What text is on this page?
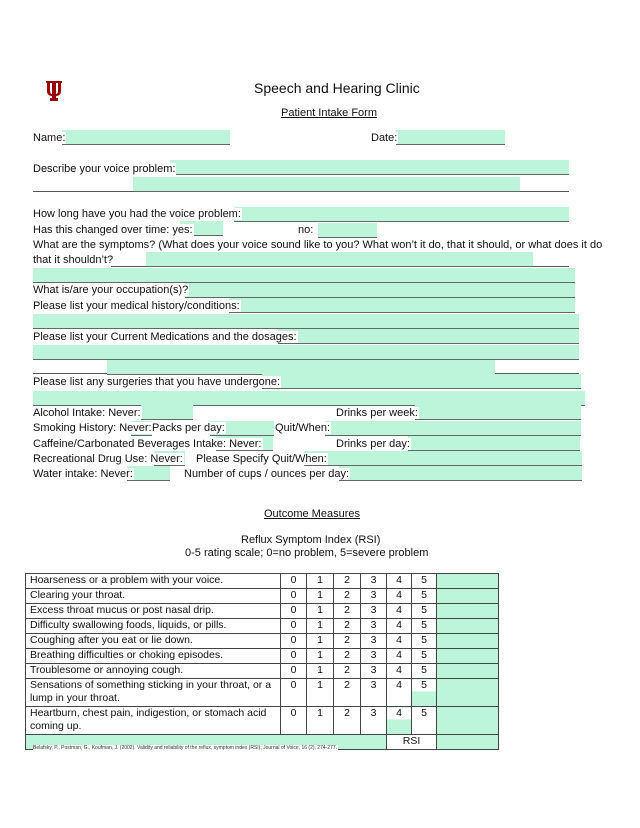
Speech and Hearing Clinic
Patient Intake Form
Name:	Date:
Describe your voice problem:
How long have you had the voice problem:
Has this changed over time: yes:	no:
What are the symptoms? (What does your voice sound like to you? What won’t it do, that it should, or what does it do
that it shouldn’t?
What is/are your occupation(s)?
Please list your medical history/conditions:
Please list your Current Medications and the dosages:
Please list any surgeries that you have undergone:
Alcohol Intake: Never:	Drinks per week:
Smoking History: Never: Packs per day:	Quit/When:
Caffeine/Carbonated Beverages Intake: Never:	Drinks per day:
Recreational Drug Use: Never: Please Specify Quit/When:
Water intake: Never:	Number of cups / ounces per day:
Outcome Measures
Reflux Symptom Index (RSI)
0-5 rating scale; 0=no problem, 5=severe problem
Hoarseness or a problem with your voice.	0	1	2	3	4	5	
Clearing your throat.	0	1	2	3	4	5	
Excess throat mucus or post nasal drip.	0	1	2	3	4	5	
Difficulty swallowing foods, liquids, or pills.	0	1	2	3	4	5	
Coughing after you eat or lie down.	0	1	2	3	4	5	
Breathing difficulties or choking episodes.	0	1	2	3	4	5	
Troublesome or annoying cough.	0	1	2	3	4	5	
Sensations of something sticking in your throat, or a lump in your throat.	0	1	2	3	4	5	
Heartburn, chest pain, indigestion, or stomach acid coming up.	0	1	2	3	4	5	
					RSI		
Belafsky, P., Postman, G., Koufman, J. (2002). Validity and reliability of the reflux, symptom index (RSI), Journal of Voice, 16 (2), 274-277.
